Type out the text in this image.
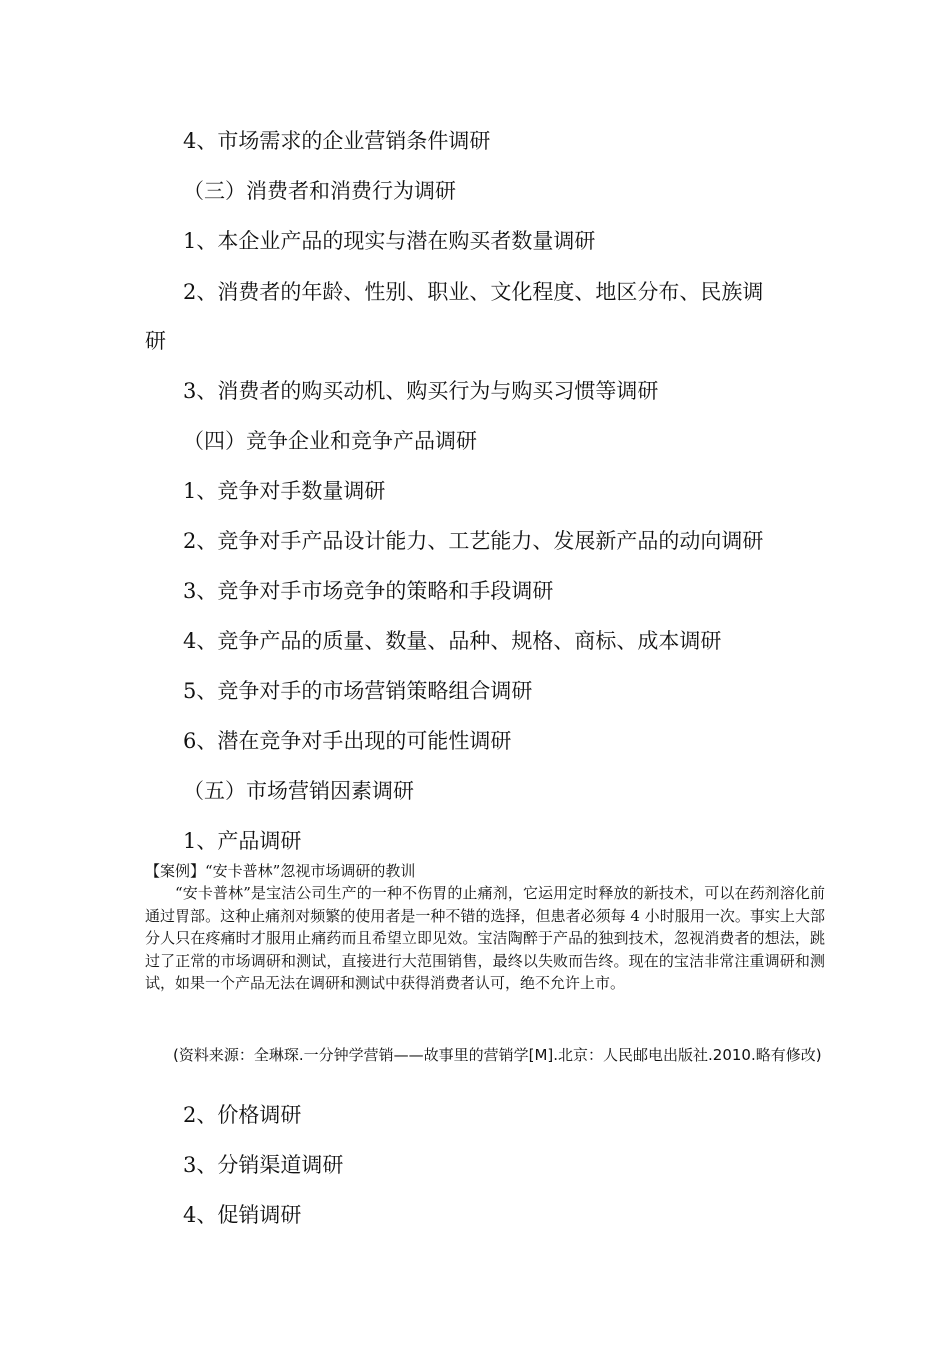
4、市场需求的企业营销条件调研
（三）消费者和消费行为调研
1、本企业产品的现实与潜在购买者数量调研
2、消费者的年龄、性别、职业、文化程度、地区分布、民族调
研
3、消费者的购买动机、购买行为与购买习惯等调研
（四）竞争企业和竞争产品调研
1、竞争对手数量调研
2、竞争对手产品设计能力、工艺能力、发展新产品的动向调研
3、竞争对手市场竞争的策略和手段调研
4、竞争产品的质量、数量、品种、规格、商标、成本调研
5、竞争对手的市场营销策略组合调研
6、潜在竞争对手出现的可能性调研
（五）市场营销因素调研
1、产品调研
【案例】“安卡普林”忽视市场调研的教训

“安卡普林”是宝洁公司生产的一种不伤胃的止痛剂，它运用定时释放的新技术，可以在药剂溶化前通过胃部。这种止痛剂对频繁的使用者是一种不错的选择，但患者必须每 4 小时服用一次。事实上大部分人只在疼痛时才服用止痛药而且希望立即见效。宝洁陶醉于产品的独到技术，忽视消费者的想法，跳过了正常的市场调研和测试，直接进行大范围销售，最终以失败而告终。现在的宝洁非常注重调研和测试，如果一个产品无法在调研和测试中获得消费者认可，绝不允许上市。

(资料来源：全琳琛.一分钟学营销——故事里的营销学[M].北京：人民邮电出版社.2010.略有修改)
2、价格调研
3、分销渠道调研
4、促销调研
